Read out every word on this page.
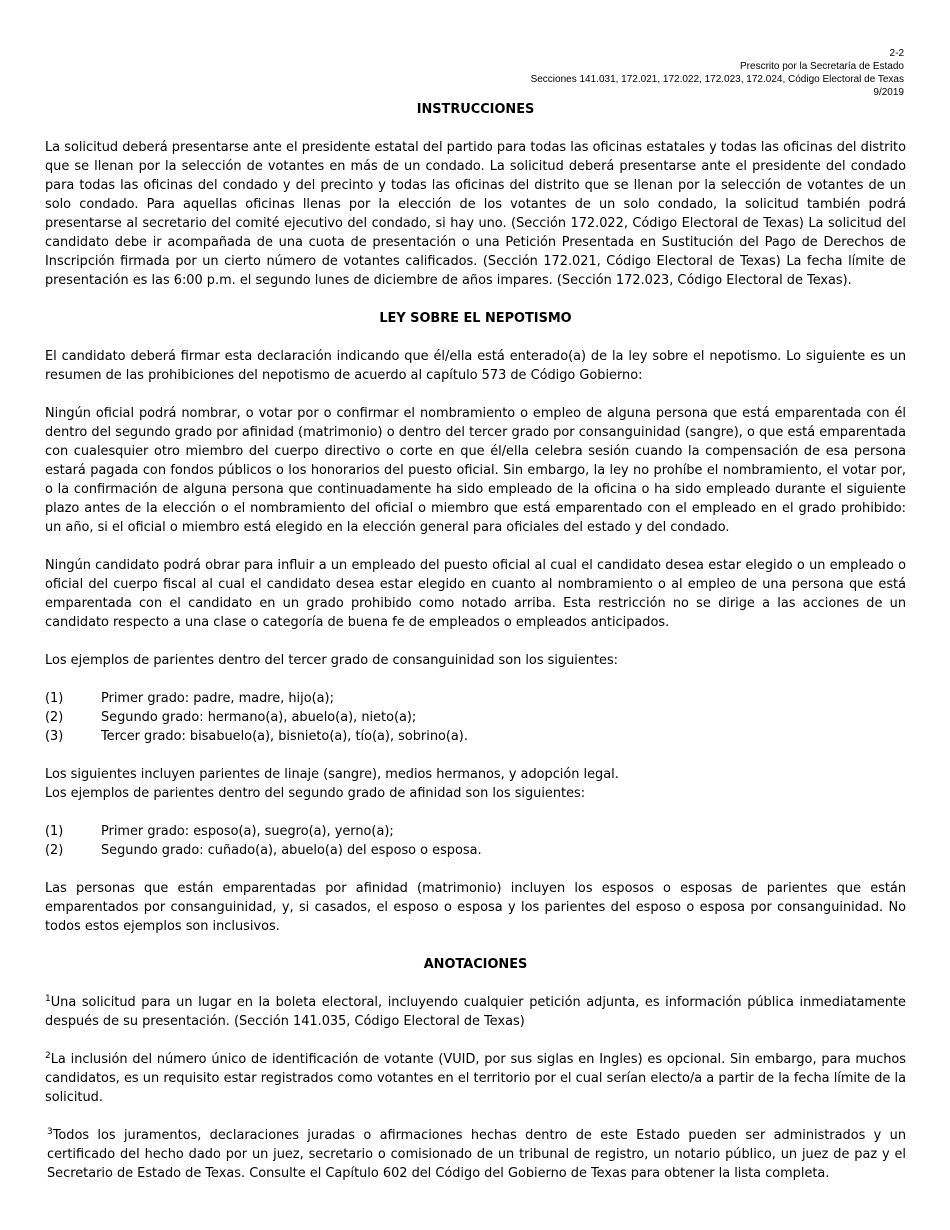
2-2
Prescrito por la Secretaría de Estado
Secciones 141.031, 172.021, 172.022, 172.023, 172.024, Código Electoral de Texas
9/2019
INSTRUCCIONES

La solicitud deberá presentarse ante el presidente estatal del partido para todas las oficinas estatales y todas las oficinas del distrito que se llenan por la selección de votantes en más de un condado. La solicitud deberá presentarse ante el presidente del condado para todas las oficinas del condado y del precinto y todas las oficinas del distrito que se llenan por la selección de votantes de un solo condado. Para aquellas oficinas llenas por la elección de los votantes de un solo condado, la solicitud también podrá presentarse al secretario del comité ejecutivo del condado, si hay uno. (Sección 172.022, Código Electoral de Texas) La solicitud del candidato debe ir acompañada de una cuota de presentación o una Petición Presentada en Sustitución del Pago de Derechos de Inscripción firmada por un cierto número de votantes calificados. (Sección 172.021, Código Electoral de Texas) La fecha límite de presentación es las 6:00 p.m. el segundo lunes de diciembre de años impares. (Sección 172.023, Código Electoral de Texas).

LEY SOBRE EL NEPOTISMO

El candidato deberá firmar esta declaración indicando que él/ella está enterado(a) de la ley sobre el nepotismo. Lo siguiente es un resumen de las prohibiciones del nepotismo de acuerdo al capítulo 573 de Código Gobierno:

Ningún oficial podrá nombrar, o votar por o confirmar el nombramiento o empleo de alguna persona que está emparentada con él dentro del segundo grado por afinidad (matrimonio) o dentro del tercer grado por consanguinidad (sangre), o que está emparentada con cualesquier otro miembro del cuerpo directivo o corte en que él/ella celebra sesión cuando la compensación de esa persona estará pagada con fondos públicos o los honorarios del puesto oficial. Sin embargo, la ley no prohíbe el nombramiento, el votar por, o la confirmación de alguna persona que continuadamente ha sido empleado de la oficina o ha sido empleado durante el siguiente plazo antes de la elección o el nombramiento del oficial o miembro que está emparentado con el empleado en el grado prohibido: un año, si el oficial o miembro está elegido en la elección general para oficiales del estado y del condado.

Ningún candidato podrá obrar para influir a un empleado del puesto oficial al cual el candidato desea estar elegido o un empleado o oficial del cuerpo fiscal al cual el candidato desea estar elegido en cuanto al nombramiento o al empleo de una persona que está emparentada con el candidato en un grado prohibido como notado arriba. Esta restricción no se dirige a las acciones de un candidato respecto a una clase o categoría de buena fe de empleados o empleados anticipados.

Los ejemplos de parientes dentro del tercer grado de consanguinidad son los siguientes:

(1)	Primer grado: padre, madre, hijo(a);
(2)	Segundo grado: hermano(a), abuelo(a), nieto(a);
(3)	Tercer grado: bisabuelo(a), bisnieto(a), tío(a), sobrino(a).

Los siguientes incluyen parientes de linaje (sangre), medios hermanos, y adopción legal.

Los ejemplos de parientes dentro del segundo grado de afinidad son los siguientes:

(1)	Primer grado: esposo(a), suegro(a), yerno(a);
(2)	Segundo grado: cuñado(a), abuelo(a) del esposo o esposa.

Las personas que están emparentadas por afinidad (matrimonio) incluyen los esposos o esposas de parientes que están emparentados por consanguinidad, y, si casados, el esposo o esposa y los parientes del esposo o esposa por consanguinidad. No todos estos ejemplos son inclusivos.

ANOTACIONES

$^1$Una solicitud para un lugar en la boleta electoral, incluyendo cualquier petición adjunta, es información pública inmediatamente después de su presentación. (Sección 141.035, Código Electoral de Texas)

$^2$La inclusión del número único de identificación de votante (VUID, por sus siglas en Ingles) es opcional. Sin embargo, para muchos candidatos, es un requisito estar registrados como votantes en el territorio por el cual serían electo/a a partir de la fecha límite de la solicitud.

$^3$Todos los juramentos, declaraciones juradas o afirmaciones hechas dentro de este Estado pueden ser administrados y un certificado del hecho dado por un juez, secretario o comisionado de un tribunal de registro, un notario público, un juez de paz y el Secretario de Estado de Texas. Consulte el Capítulo 602 del Código del Gobierno de Texas para obtener la lista completa.
